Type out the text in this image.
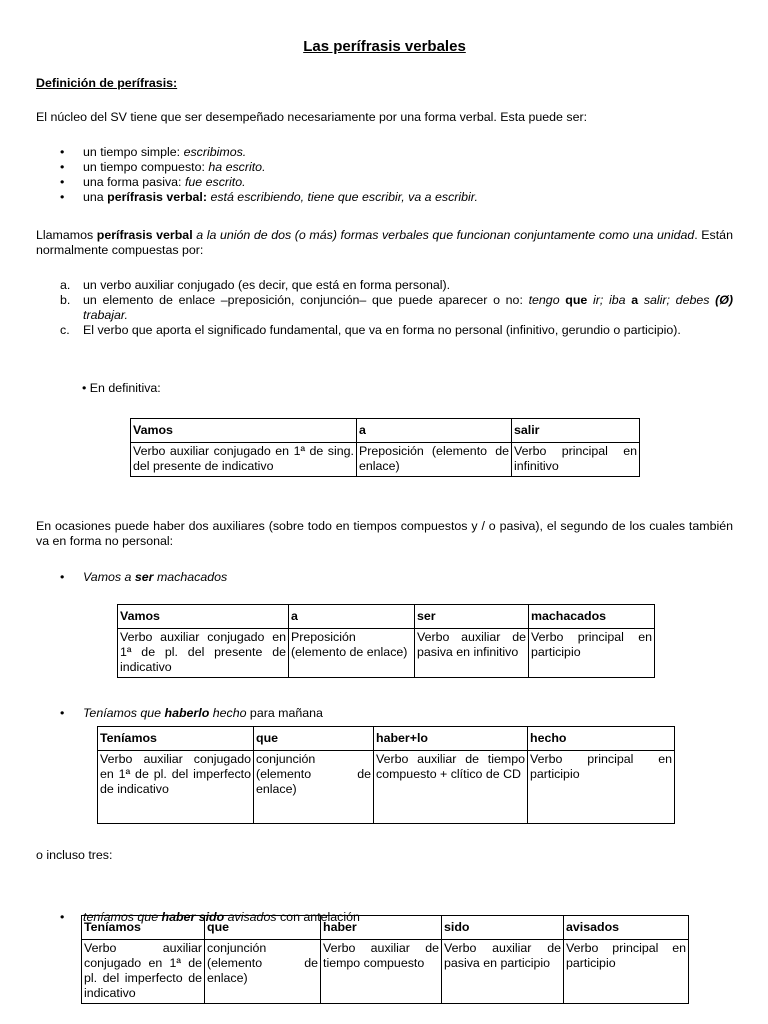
Las perífrasis verbales

Definición de perífrasis:

El núcleo del SV tiene que ser desempeñado necesariamente por una forma verbal. Esta puede ser:

• un tiempo simple: escribimos.
• un tiempo compuesto: ha escrito.
• una forma pasiva: fue escrito.
• una perífrasis verbal: está escribiendo, tiene que escribir, va a escribir.

Llamamos perífrasis verbal a la unión de dos (o más) formas verbales que funcionan conjuntamente como una unidad. Están normalmente compuestas por:

a. un verbo auxiliar conjugado (es decir, que está en forma personal).
b. un elemento de enlace –preposición, conjunción– que puede aparecer o no: tengo que ir; iba a salir; debes (Ø) trabajar.
c. El verbo que aporta el significado fundamental, que va en forma no personal (infinitivo, gerundio o participio).
• En definitiva:
Vamos	a	salir
Verbo auxiliar conjugado en 1ª de sing. del presente de indicativo	Preposición (elemento de enlace)	Verbo principal en infinitivo

En ocasiones puede haber dos auxiliares (sobre todo en tiempos compuestos y / o pasiva), el segundo de los cuales también va en forma no personal:

• Vamos a ser machacados
Vamos	a	ser	machacados
Verbo auxiliar conjugado en 1ª de pl. del presente de indicativo	Preposición (elemento de enlace)	Verbo auxiliar de pasiva en infinitivo	Verbo principal en participio
• Teníamos que haberlo hecho para mañana
Teníamos	que	haber+lo	hecho
Verbo auxiliar conjugado en 1ª de pl. del imperfecto de indicativo	conjunción (elemento de enlace)	Verbo auxiliar de tiempo compuesto + clítico de CD	Verbo principal en participio

o incluso tres:

• teníamos que haber sido avisados con antelación
Teníamos	que	haber	sido	avisados
Verbo auxiliar conjugado en 1ª de pl. del imperfecto de indicativo	conjunción (elemento de enlace)	Verbo auxiliar de tiempo compuesto	Verbo auxiliar de pasiva en participio	Verbo principal en participio
